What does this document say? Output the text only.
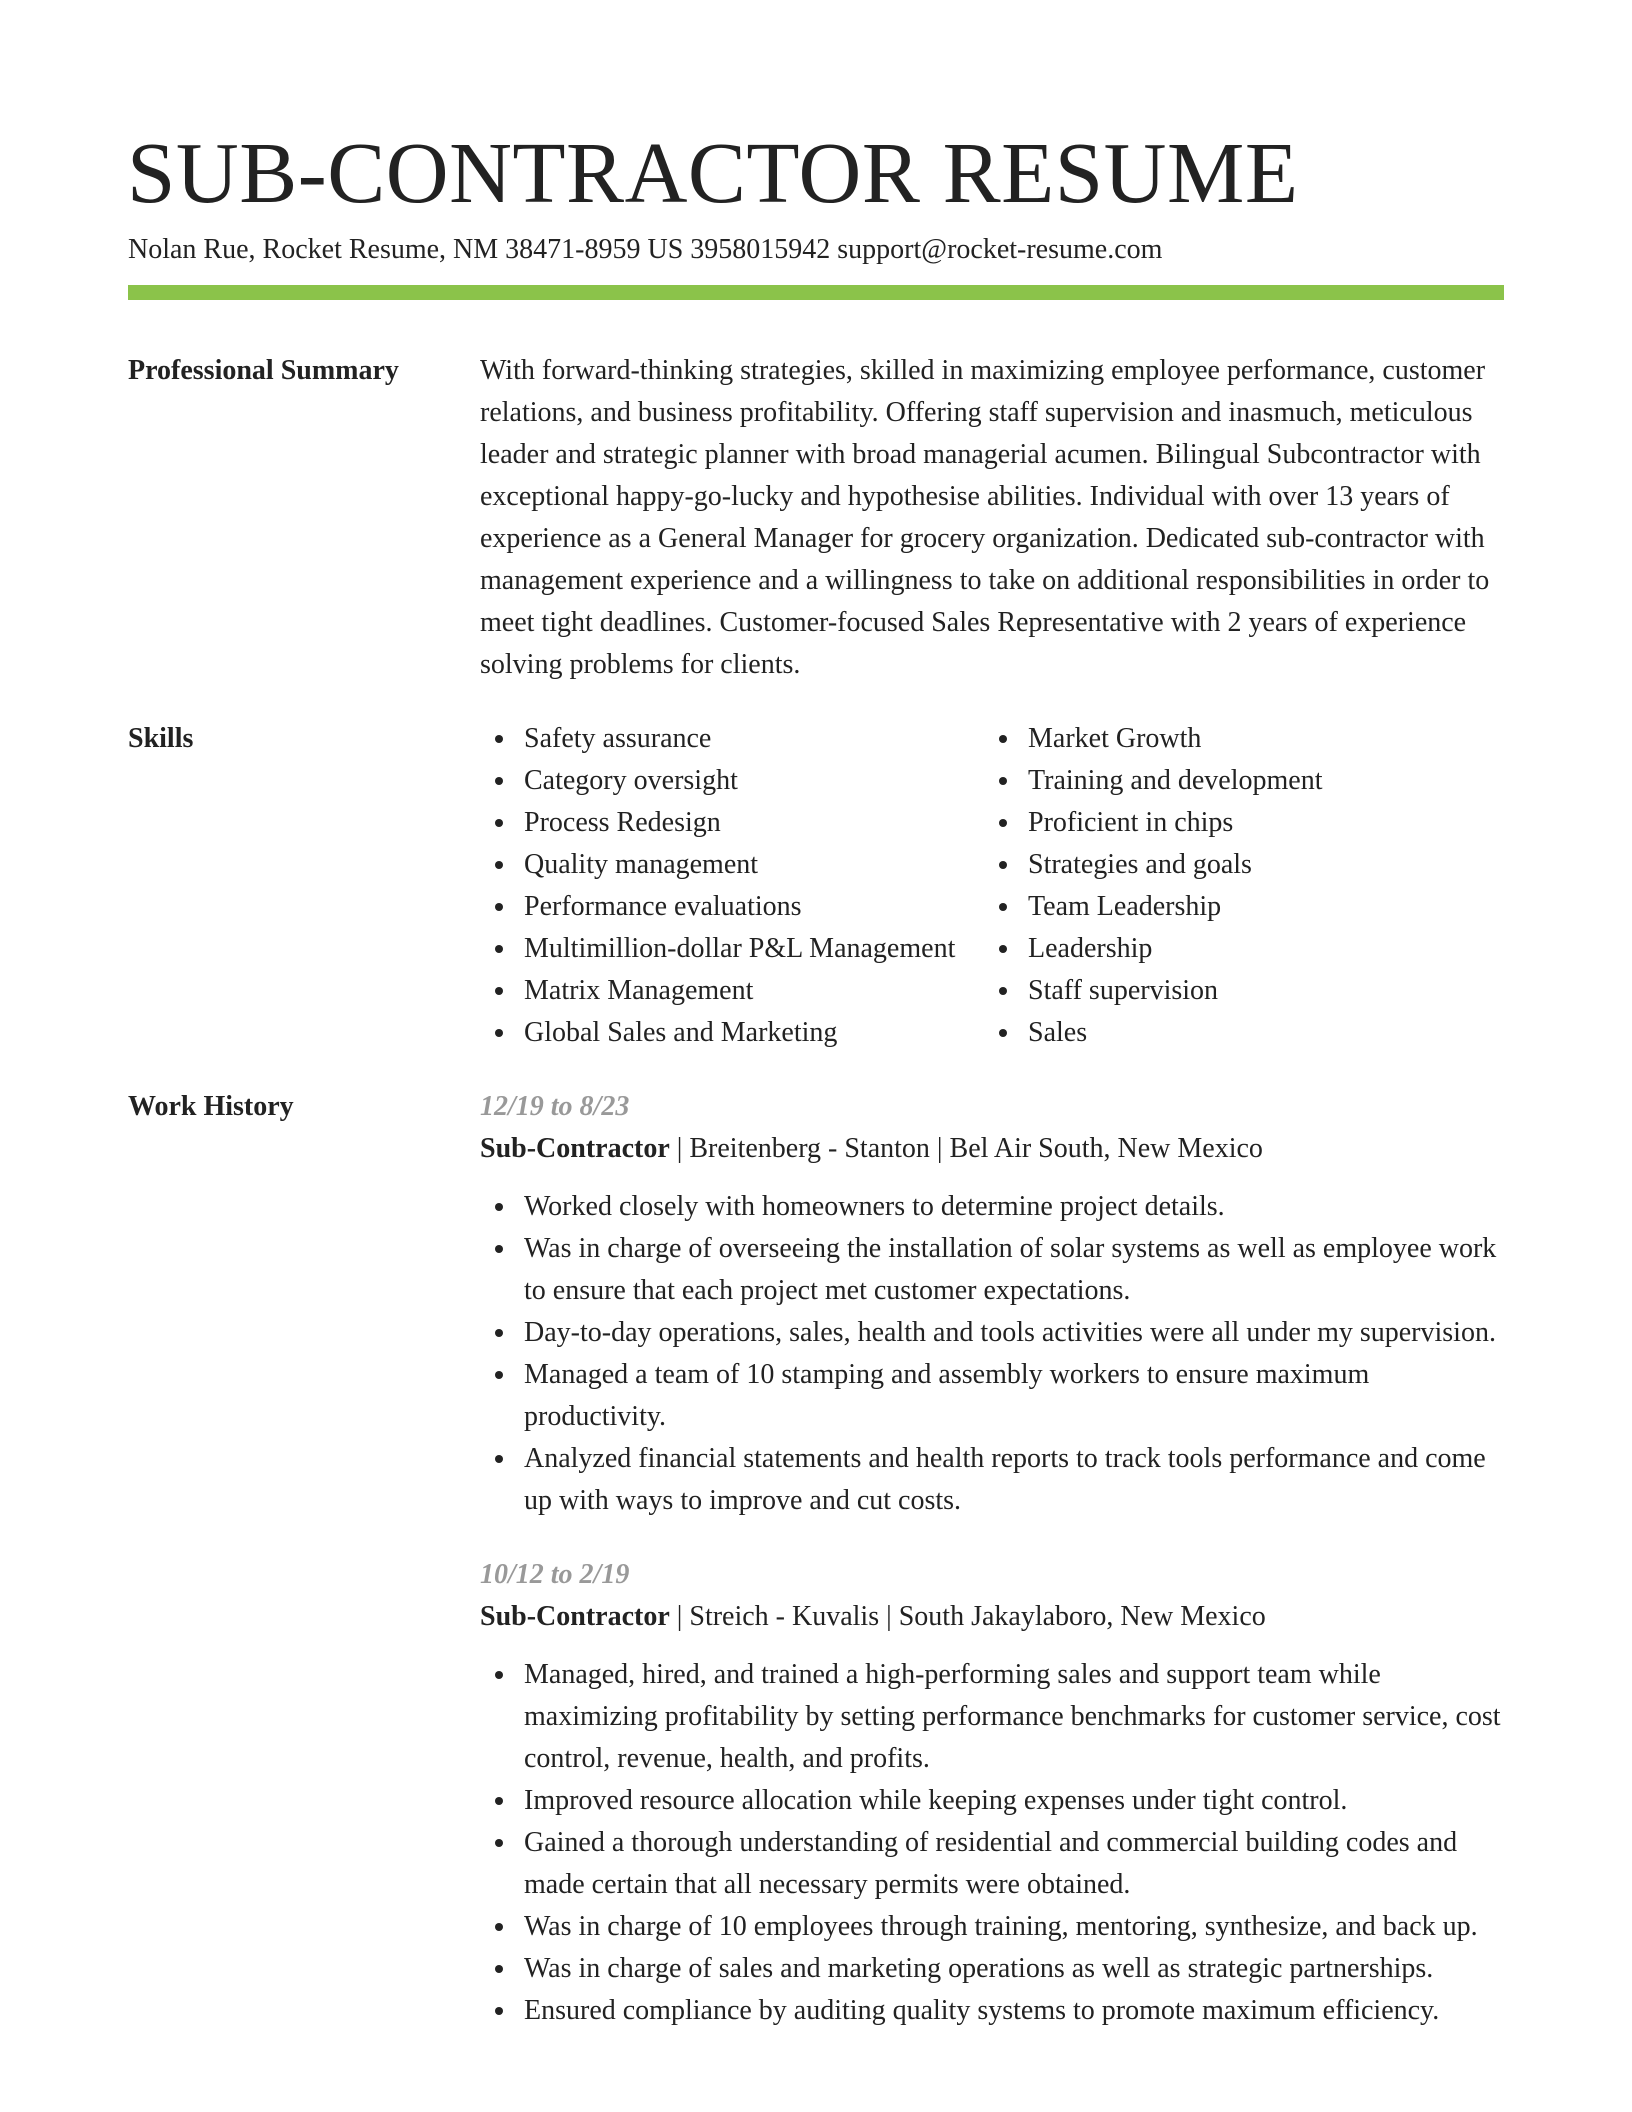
SUB-CONTRACTOR RESUME
Nolan Rue, Rocket Resume, NM 38471-8959 US 3958015942 support@rocket-resume.com
Professional Summary	With forward-thinking strategies, skilled in maximizing employee performance, customer relations, and business profitability. Offering staff supervision and inasmuch, meticulous leader and strategic planner with broad managerial acumen. Bilingual Subcontractor with exceptional happy-go-lucky and hypothesise abilities. Individual with over 13 years of experience as a General Manager for grocery organization. Dedicated sub-contractor with management experience and a willingness to take on additional responsibilities in order to meet tight deadlines. Customer-focused Sales Representative with 2 years of experience solving problems for clients.

Skills	Safety assurance
Category oversight
Process Redesign
Quality management
Performance evaluations
Multimillion-dollar P&L Management
Matrix Management
Global Sales and Marketing
Market Growth
Training and development
Proficient in chips
Strategies and goals
Team Leadership
Leadership
Staff supervision
Sales
Work History	12/19 to 8/23
Sub-Contractor | Breitenberg - Stanton | Bel Air South, New Mexico
Worked closely with homeowners to determine project details.
Was in charge of overseeing the installation of solar systems as well as employee work to ensure that each project met customer expectations.
Day-to-day operations, sales, health and tools activities were all under my supervision.
Managed a team of 10 stamping and assembly workers to ensure maximum productivity.
Analyzed financial statements and health reports to track tools performance and come up with ways to improve and cut costs.
10/12 to 2/19
Sub-Contractor | Streich - Kuvalis | South Jakaylaboro, New Mexico
Managed, hired, and trained a high-performing sales and support team while maximizing profitability by setting performance benchmarks for customer service, cost control, revenue, health, and profits.
Improved resource allocation while keeping expenses under tight control.
Gained a thorough understanding of residential and commercial building codes and made certain that all necessary permits were obtained.
Was in charge of 10 employees through training, mentoring, synthesize, and back up.
Was in charge of sales and marketing operations as well as strategic partnerships.
Ensured compliance by auditing quality systems to promote maximum efficiency.
